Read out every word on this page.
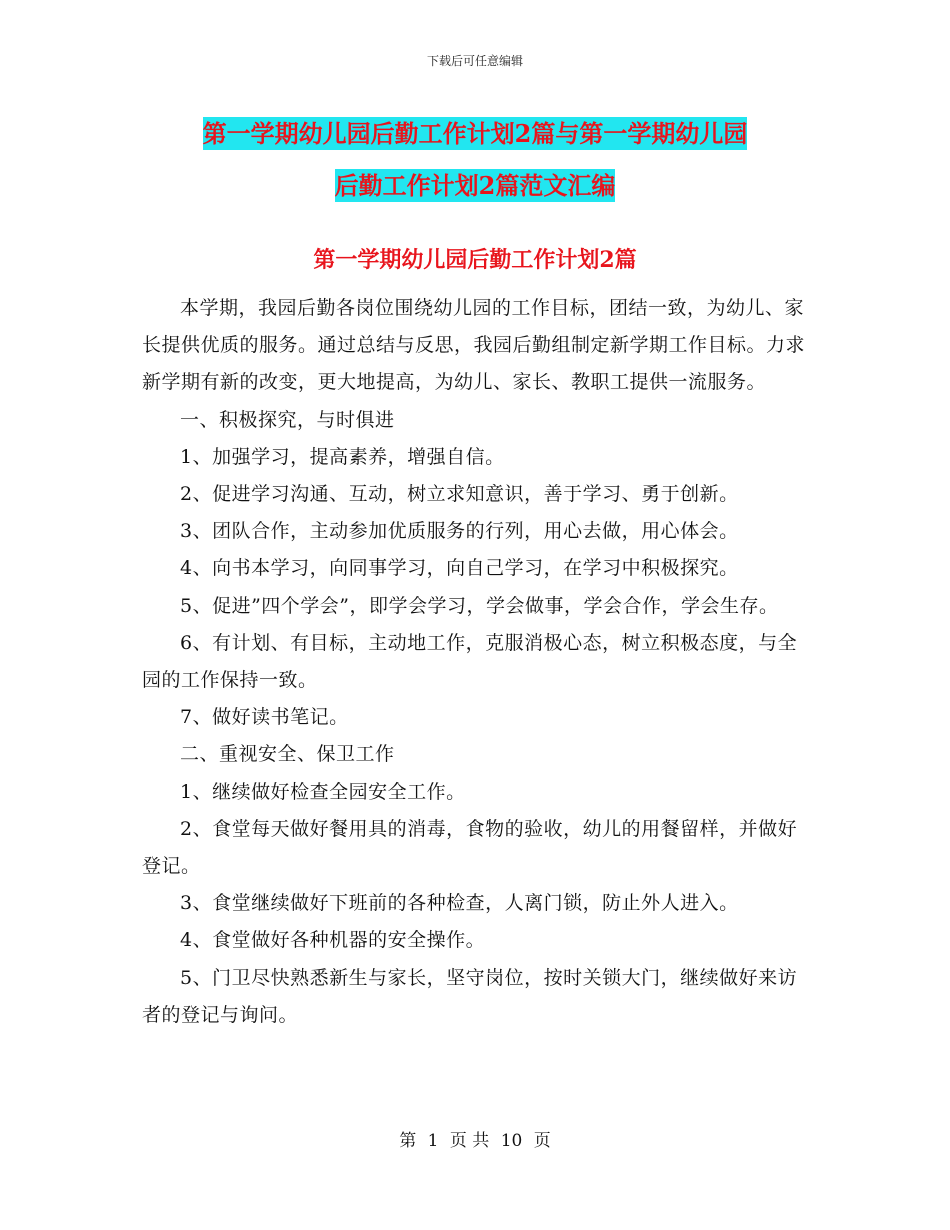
下载后可任意编辑
第一学期幼儿园后勤工作计划2篇与第一学期幼儿园
后勤工作计划2篇范文汇编
第一学期幼儿园后勤工作计划2篇

本学期，我园后勤各岗位围绕幼儿园的工作目标，团结一致，为幼儿、家长提供优质的服务。通过总结与反思，我园后勤组制定新学期工作目标。力求新学期有新的改变，更大地提高，为幼儿、家长、教职工提供一流服务。

一、积极探究，与时俱进

1、加强学习，提高素养，增强自信。

2、促进学习沟通、互动，树立求知意识，善于学习、勇于创新。

3、团队合作，主动参加优质服务的行列，用心去做，用心体会。

4、向书本学习，向同事学习，向自己学习，在学习中积极探究。

5、促进”四个学会”，即学会学习，学会做事，学会合作，学会生存。

6、有计划、有目标，主动地工作，克服消极心态，树立积极态度，与全园的工作保持一致。

7、做好读书笔记。

二、重视安全、保卫工作

1、继续做好检查全园安全工作。

2、食堂每天做好餐用具的消毒，食物的验收，幼儿的用餐留样，并做好登记。

3、食堂继续做好下班前的各种检查，人离门锁，防止外人进入。

4、食堂做好各种机器的安全操作。

5、门卫尽快熟悉新生与家长，坚守岗位，按时关锁大门，继续做好来访者的登记与询问。

第 1 页 共 10 页
